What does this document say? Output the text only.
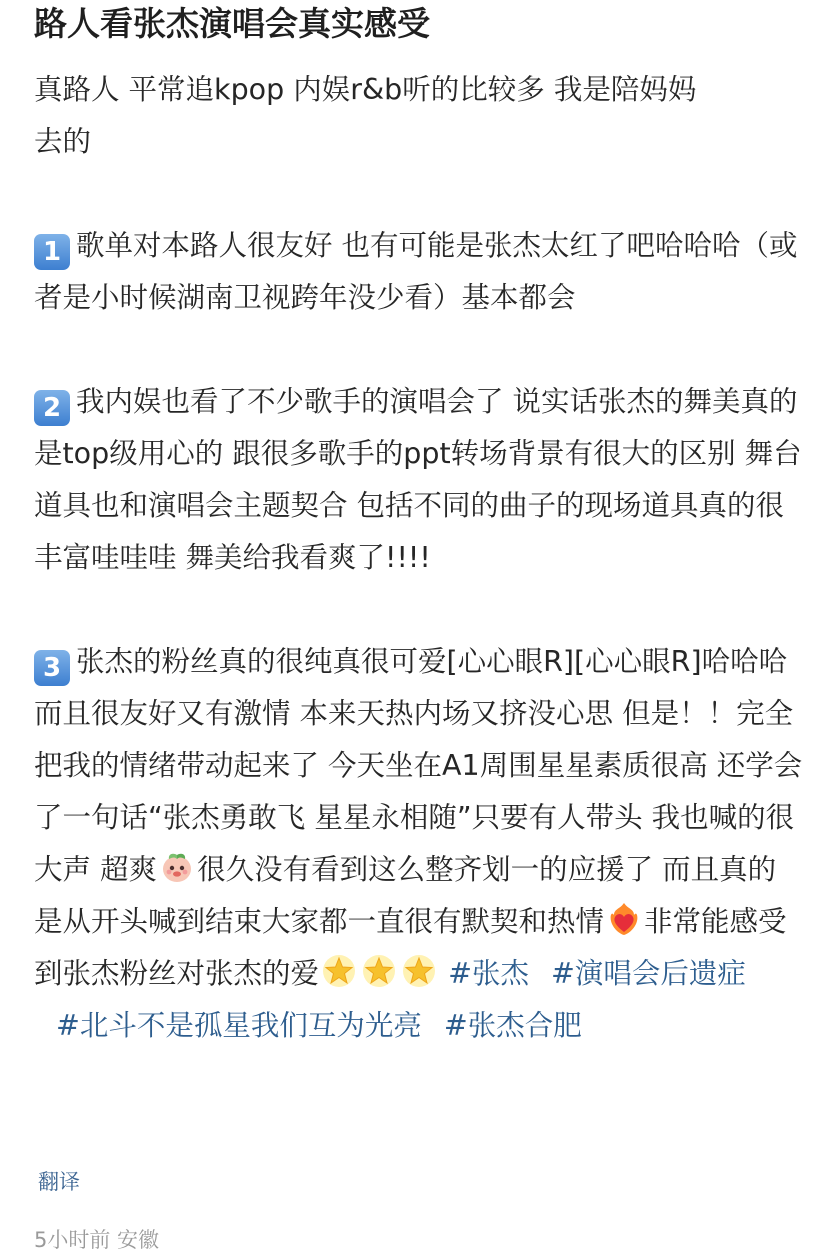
路人看张杰演唱会真实感受

真路人 平常追kpop 内娱r&b听的比较多 我是陪妈妈
去的

1 歌单对本路人很友好 也有可能是张杰太红了吧哈哈哈（或者是小时候湖南卫视跨年没少看）基本都会

2 我内娱也看了不少歌手的演唱会了 说实话张杰的舞美真的是top级用心的 跟很多歌手的ppt转场背景有很大的区别 舞台道具也和演唱会主题契合 包括不同的曲子的现场道具真的很丰富哇哇哇 舞美给我看爽了!!!!

3 张杰的粉丝真的很纯真很可爱[心心眼R][心心眼R]哈哈哈 而且很友好又有激情 本来天热内场又挤没心思 但是！！完全把我的情绪带动起来了 今天坐在A1周围星星素质很高 还学会了一句话“张杰勇敢飞 星星永相随”只要有人带头 我也喊的很大声 超爽 很久没有看到这么整齐划一的应援了 而且真的是从开头喊到结束大家都一直很有默契和热情 非常能感受到张杰粉丝对张杰的爱	#张杰 #演唱会后遗症 #北斗不是孤星我们互为光亮 #张杰合肥

翻译
5小时前 安徽
